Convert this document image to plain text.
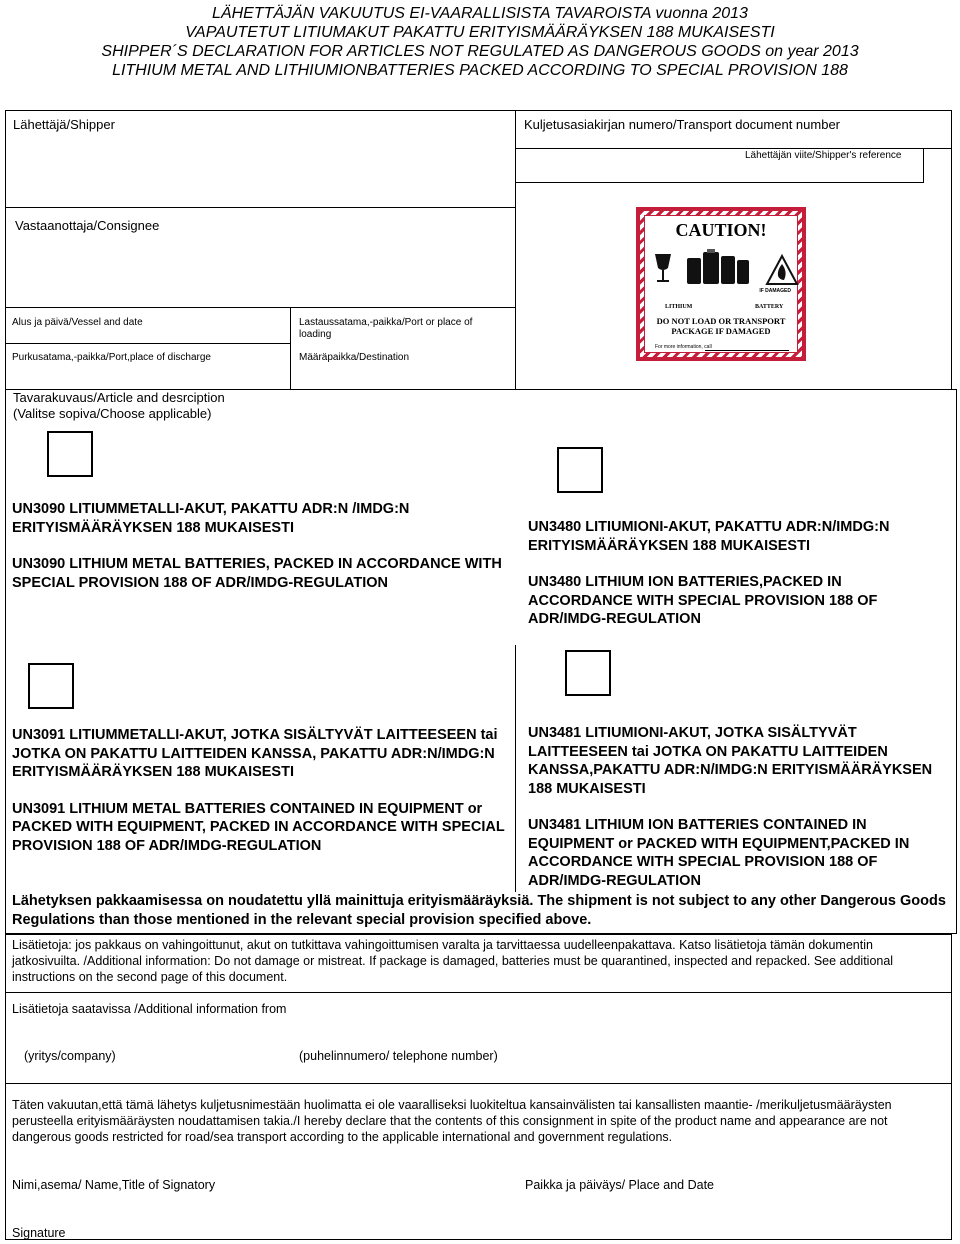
LÄHETTÄJÄN VAKUUTUS EI-VAARALLISISTA TAVAROISTA vuonna 2013
VAPAUTETUT LITIUMAKUT PAKATTU ERITYISMÄÄRÄYKSEN 188 MUKAISESTI
SHIPPER´S DECLARATION FOR ARTICLES NOT REGULATED AS DANGEROUS GOODS on year 2013
LITHIUM METAL AND LITHIUMIONBATTERIES PACKED ACCORDING TO SPECIAL PROVISION 188
Lähettäjä/Shipper	Kuljetusasiakirjan numero/Transport document number
Lähettäjän viite/Shipper's reference
Vastaanottaja/Consignee
Alus ja päivä/Vessel and date	Lastaussatama,-paikka/Port or place of loading
Purkusatama,-paikka/Port,place of discharge	Määräpaikka/Destination
CAUTION!
IF DAMAGED
LITHIUM	BATTERY
DO NOT LOAD OR TRANSPORT
PACKAGE IF DAMAGED
For more information, call
Tavarakuvaus/Article and desrciption
(Valitse sopiva/Choose applicable)

UN3090 LITIUMMETALLI-AKUT, PAKATTU ADR:N /IMDG:N ERITYISMÄÄRÄYKSEN 188 MUKAISESTI

UN3090 LITHIUM METAL BATTERIES, PACKED IN ACCORDANCE WITH SPECIAL PROVISION 188 OF ADR/IMDG-REGULATION

UN3480 LITIUMIONI-AKUT, PAKATTU ADR:N/IMDG:N ERITYISMÄÄRÄYKSEN 188 MUKAISESTI

UN3480 LITHIUM ION BATTERIES,PACKED IN ACCORDANCE WITH SPECIAL PROVISION 188 OF ADR/IMDG-REGULATION

UN3091 LITIUMMETALLI-AKUT, JOTKA SISÄLTYVÄT LAITTEESEEN tai JOTKA ON PAKATTU LAITTEIDEN KANSSA, PAKATTU ADR:N/IMDG:N ERITYISMÄÄRÄYKSEN 188 MUKAISESTI

UN3091 LITHIUM METAL BATTERIES CONTAINED IN EQUIPMENT or PACKED WITH EQUIPMENT, PACKED IN ACCORDANCE WITH SPECIAL PROVISION 188 OF ADR/IMDG-REGULATION

UN3481 LITIUMIONI-AKUT, JOTKA SISÄLTYVÄT LAITTEESEEN tai JOTKA ON PAKATTU LAITTEIDEN KANSSA,PAKATTU ADR:N/IMDG:N ERITYISMÄÄRÄYKSEN 188 MUKAISESTI

UN3481 LITHIUM ION BATTERIES CONTAINED IN EQUIPMENT or PACKED WITH EQUIPMENT,PACKED IN ACCORDANCE WITH SPECIAL PROVISION 188 OF ADR/IMDG-REGULATION

Lähetyksen pakkaamisessa on noudatettu yllä mainittuja erityismääräyksiä. The shipment is not subject to any other Dangerous Goods Regulations than those mentioned in the relevant special provision specified above.
Lisätietoja: jos pakkaus on vahingoittunut, akut on tutkittava vahingoittumisen varalta ja tarvittaessa uudelleenpakattava. Katso lisätietoja tämän dokumentin jatkosivuilta. /Additional information: Do not damage or mistreat. If package is damaged, batteries must be quarantined, inspected and repacked. See additional instructions on the second page of this document.
Lisätietoja saatavissa /Additional information from
(yritys/company)	(puhelinnumero/ telephone number)
Täten vakuutan,että tämä lähetys kuljetusnimestään huolimatta ei ole vaaralliseksi luokiteltua kansainvälisten tai kansallisten maantie- /merikuljetusmääräysten perusteella erityismääräysten noudattamisen takia./I hereby declare that the contents of this consignment in spite of the product name and appearance are not dangerous goods restricted for road/sea transport according to the applicable international and government regulations.
Nimi,asema/ Name,Title of Signatory	Paikka ja päiväys/ Place and Date
Signature
